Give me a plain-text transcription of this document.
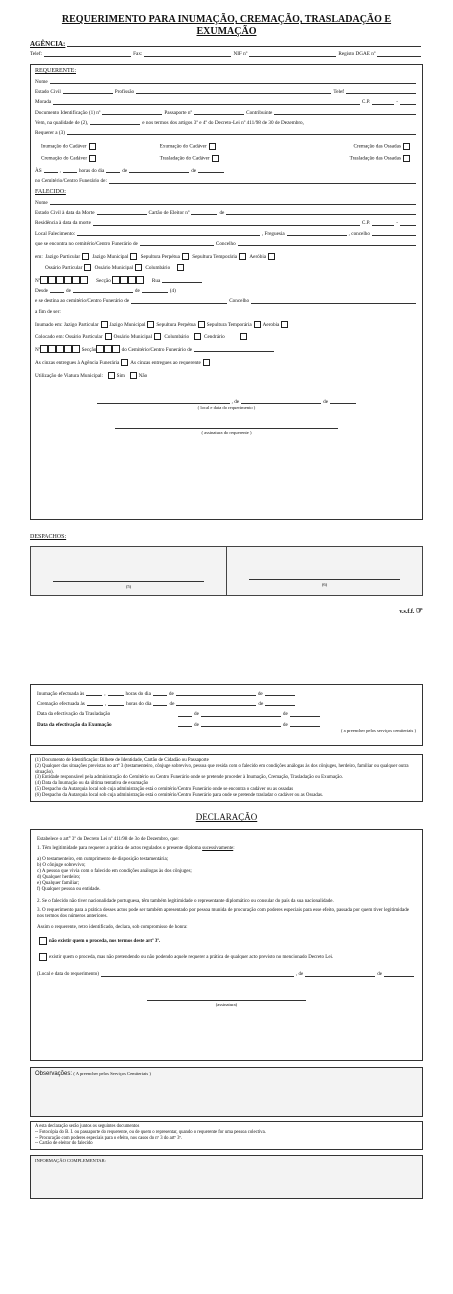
REQUERIMENTO PARA INUMAÇÃO, CREMAÇÃO, TRASLADAÇÃO E
EXUMAÇÃO
AGÊNCIA:
Telef:	Fax:	NIF nº	Registo DGAE nº
REQUERENTE:
Nome
Estado Civil	Profissão	Telef
Morada	C.P.	-
Documento Identificação (1) nº	Passaporte nº	Contribuinte
Vem, na qualidade de (2),	e nos termos dos artigos 3º e 4º do Decreto-Lei nº 411/98 de 30 de Dezembro,
Requerer a (3)
Inumação do Cadáver	Exumação do Cadáver	Cremação das Ossadas
Cremação do Cadáver	Trasladação do Cadáver	Trasladação das Ossadas
ÀS	,	horas do dia	de	de
no Cemitério/Centro Funerário de:
FALECIDO:
Nome
Estado Civil à data da Morte	Cartão de Eleitor nº	de
Residência à data da morte	C.P.	-
Local Falecimento:	, Freguesia	, concelho
que se encontra no cemitério/Centro Funerário de	Concelho
em:
Jazigo Particular
Jazigo Municipal
Sepultura Perpétua
Sepultura Temporária
Aeróbia
Ossário Particular
Ossário Municipal
Columbário

Nº
	Secção

	Rua
Desde	de	de	(4)
e se destina ao cemitério/Centro Funerário de	Concelho
a fim de ser:
Inumado em:
Jazigo Particular Jazigo Municipal Sepultura Perpétua Sepultura Temporária Aerobia
Colocado em:
Ossário Particular Ossário Municipal
Columbário

	Cendrário

Nº
	Secção
	do Cemitério/Centro Funerário de
As cinzas entregues à Agência Funerária As cinzas entregues ao requerente
Utilização de Viatura Municipal:
	Sim
	Não
, de	de
( local e data do requerimento )
( assinatura do requerente )
DESPACHOS:
(5)	(6)
v.s.f.f. ☞
Inumação efectuada às	,	horas do dia	de	de
Cremação efectuada às	,	horas do dia	de	de
Data da efectivação da Trasladação	de	de
Data da efectivação da Exumação	de	de
( a preencher pelos serviços cemiteriais )

(1) Documento de Identificação: Bilhete de Identidade, Cartão de Cidadão ou Passaporte

(2) Qualquer das situações previstas no artº 3 (testamenteiro, cônjuge sobrevivo, pessoa que resida com o falecido em condições análogas às dos cônjuges, herdeiro, familiar ou qualquer outra situação).

(3) Entidade responsável pela administração do Cemitério ou Centro Funerário onde se pretende proceder à Inumação, Cremação, Trasladação ou Exumação.

(4) Data da Inumação ou da última tentativa de exumação

(5) Despacho da Autarquia local sob cuja administração está o cemitério/Centro Funerário onde se encontra o cadáver ou as ossadas

(6) Despacho da Autarquia local sob cuja administração está o cemitério/Centro Funerário para onde se pretende trasladar o cadáver ou as Ossadas.

DECLARAÇÃO

Estabelece o art° 3º do Decreto Lei nº 411/98 de 3o de Dezembro, que:

1. Têm legitimidade para requerer a prática de actos regulados o presente diploma sucessivamente:

a) O testamenteiro, em cumprimento de disposição testamentária;
b) O cônjuge sobrevivo;
c) A pessoa que vivia com o falecido em condições análogas às dos cônjuges;
d) Qualquer herdeiro;
e) Qualquer familiar;
f) Qualquer pessoa ou entidade.

2. Se o falecido não tiver nacionalidade portuguesa, têm também legitimidade o representante diplomático ou consular do país da sua nacionalidade.

3. O requerimento para a prática desses actos pode ser também apresentado por pessoa munida de procuração com poderes especiais para esse efeito, passada por quem tiver legitimidade nos termos dos números anteriores.

Assim o requerente, retro identificado, declara, sob compromisso de honra:

não existir quem o proceda, nos termos deste artº 3º.

existir quem o proceda, mas não pretendendo ou não podendo aquele requerer a prática de qualquer acto previsto no mencionado Decreto Lei.

(Local e data do requerimento)	, de	de
(assinatura)
Observações: ( A preencher pelos Serviços Cemiteriais )
A esta declaração serão juntos os seguintes documentos
-- Fotocópia do B. I. ou passaporte do requerente, ou de quem o representar, quando o requerente for uma pessoa colectiva.
-- Procuração com poderes especiais para o efeito, nos casos do nº 3 do artº 3º.
-- Cartão de eleitor do falecido
INFORMAÇÃO COMPLEMENTAR:
